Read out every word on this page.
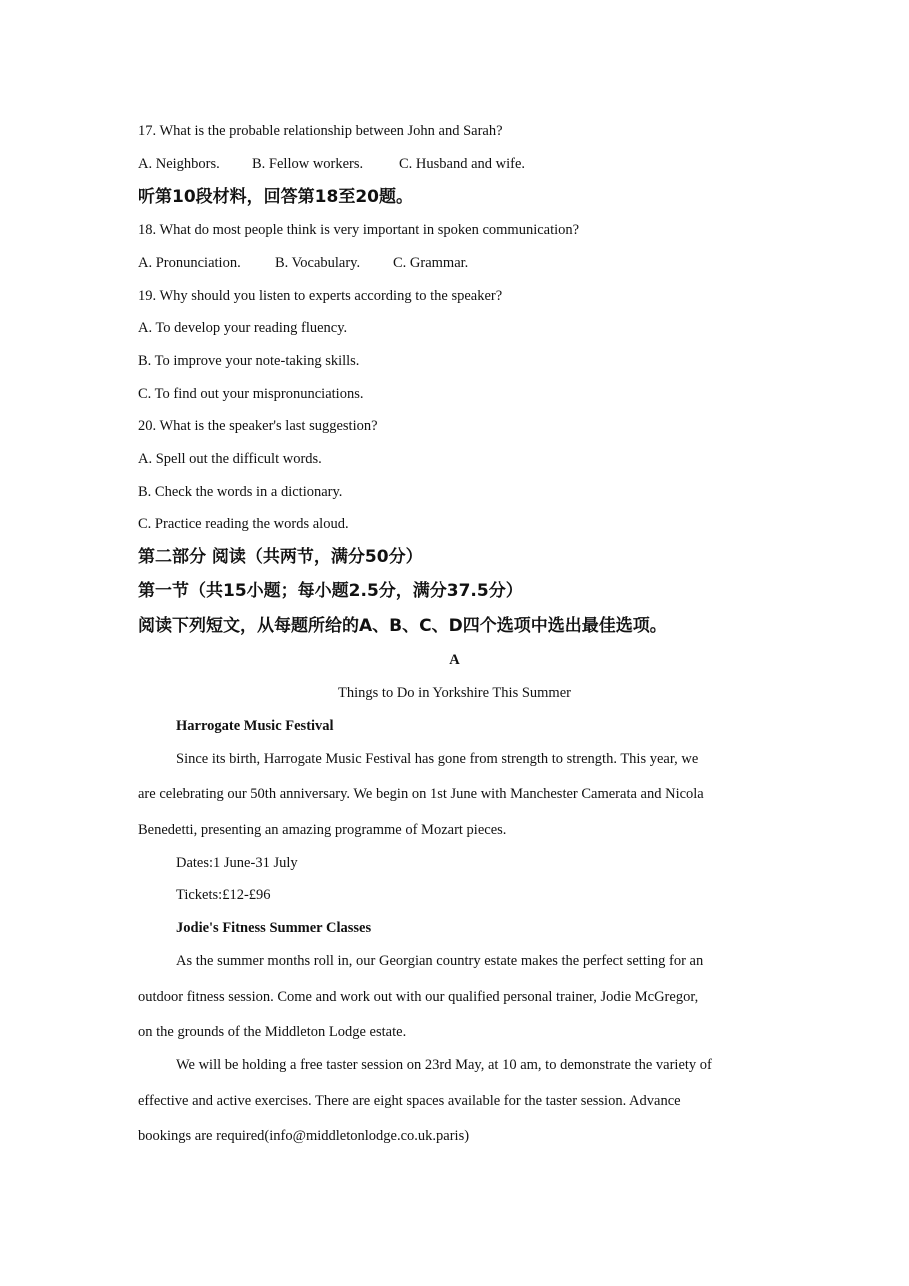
17. What is the probable relationship between John and Sarah?
A. Neighbors. B. Fellow workers. C. Husband and wife.
听第10段材料，回答第18至20题。
18. What do most people think is very important in spoken communication?
A. Pronunciation. B. Vocabulary. C. Grammar.
19. Why should you listen to experts according to the speaker?
A. To develop your reading fluency.
B. To improve your note-taking skills.
C. To find out your mispronunciations.
20. What is the speaker's last suggestion?
A. Spell out the difficult words.
B. Check the words in a dictionary.
C. Practice reading the words aloud.
第二部分 阅读（共两节，满分50分）
第一节（共15小题；每小题2.5分，满分37.5分）
阅读下列短文，从每题所给的A、B、C、D四个选项中选出最佳选项。
A
Things to Do in Yorkshire This Summer
Harrogate Music Festival
Since its birth, Harrogate Music Festival has gone from strength to strength. This year, we
are celebrating our 50th anniversary. We begin on 1st June with Manchester Camerata and Nicola
Benedetti, presenting an amazing programme of Mozart pieces.
Dates:1 June-31 July
Tickets:£12-£96
Jodie's Fitness Summer Classes
As the summer months roll in, our Georgian country estate makes the perfect setting for an
outdoor fitness session. Come and work out with our qualified personal trainer, Jodie McGregor,
on the grounds of the Middleton Lodge estate.
We will be holding a free taster session on 23rd May, at 10 am, to demonstrate the variety of
effective and active exercises. There are eight spaces available for the taster session. Advance
bookings are required(info@middletonlodge.co.uk.paris)
